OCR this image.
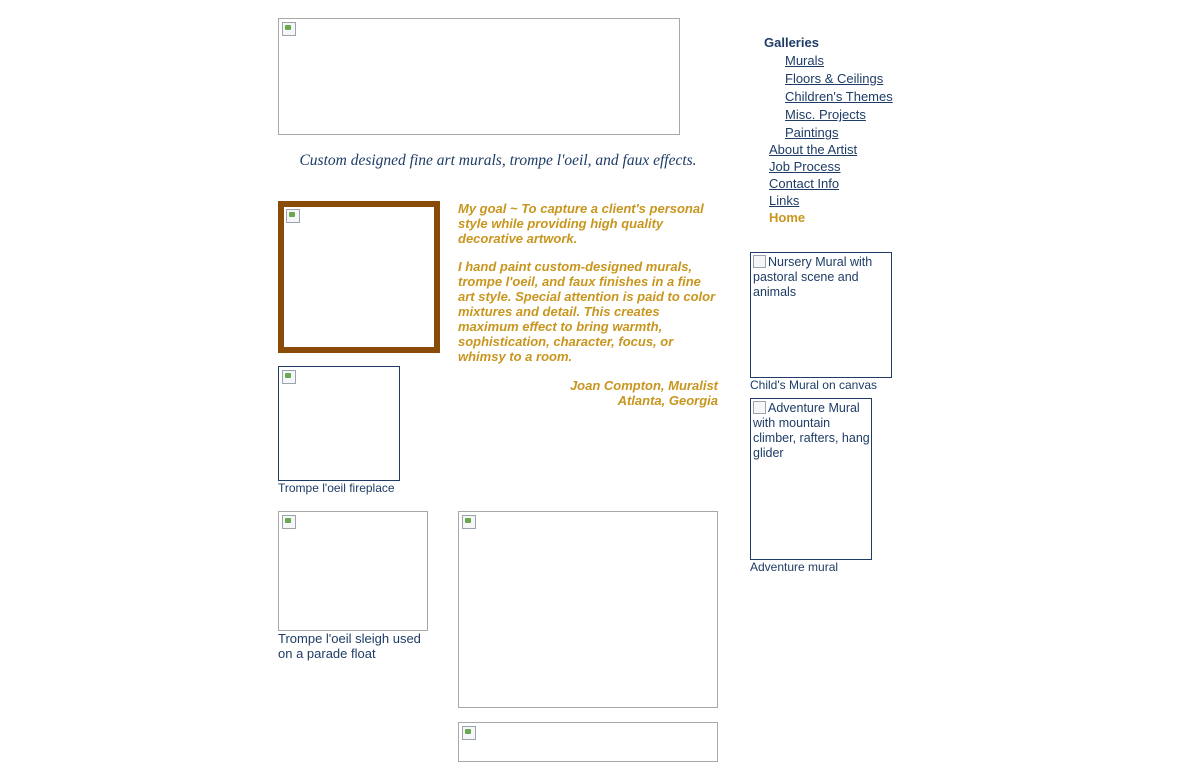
Custom designed fine art murals, trompe l'oeil, and faux effects.
My goal ~ To capture a client's personal style while providing high quality decorative artwork.
I hand paint custom-designed murals, trompe l'oeil, and faux finishes in a fine art style. Special attention is paid to color mixtures and detail. This creates maximum effect to bring warmth, sophistication, character, focus, or whimsy to a room.
Joan Compton, Muralist
Atlanta, Georgia
Trompe l'oeil fireplace
Trompe l'oeil sleigh used on a parade float
Galleries
Murals
Floors & Ceilings
Children's Themes
Misc. Projects
Paintings
About the Artist
Job Process
Contact Info
Links
Home
Nursery Mural with pastoral scene and animals
Child's Mural on canvas
Adventure Mural with mountain climber, rafters, hang glider
Adventure mural
